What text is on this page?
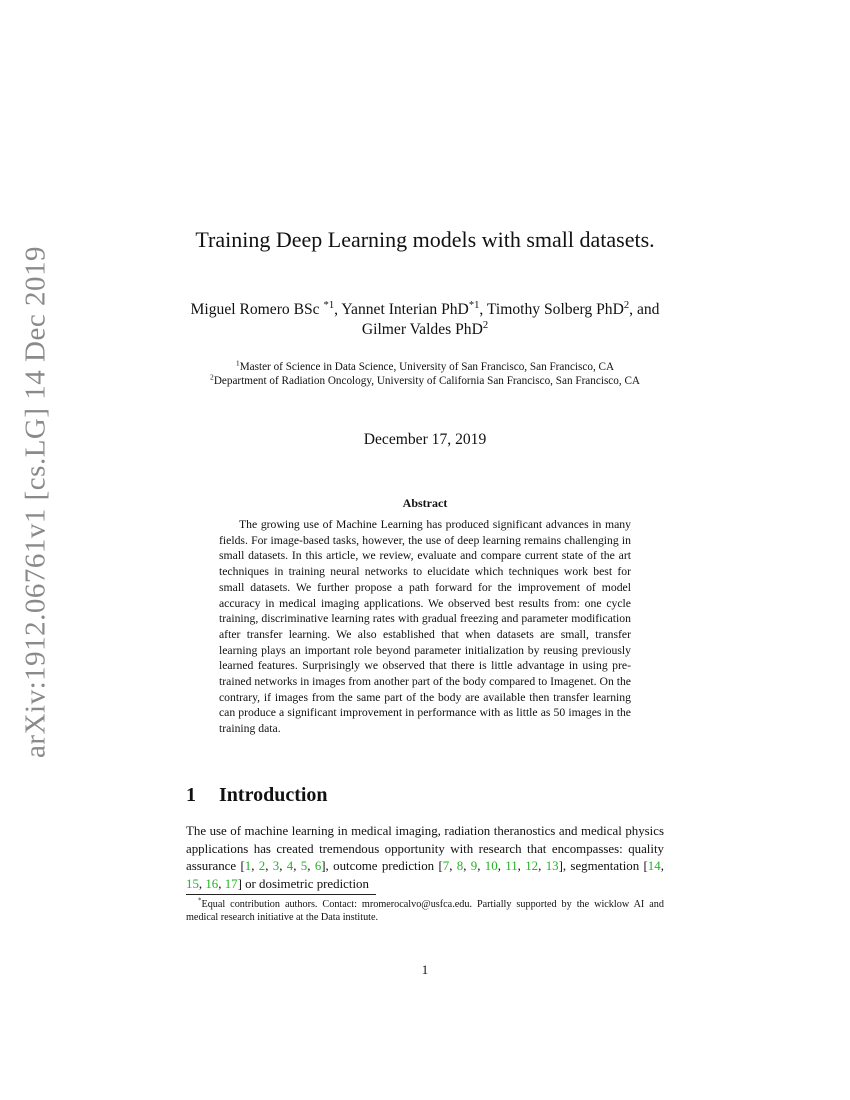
arXiv:1912.06761v1 [cs.LG] 14 Dec 2019
Training Deep Learning models with small datasets.
Miguel Romero BSc $^{*1}$, Yannet Interian PhD$^{*1}$, Timothy Solberg PhD$^2$, and Gilmer Valdes PhD$^2$
$^1$Master of Science in Data Science, University of San Francisco, San Francisco, CA
$^2$Department of Radiation Oncology, University of California San Francisco, San Francisco, CA
December 17, 2019
Abstract

The growing use of Machine Learning has produced significant advances in many fields. For image-based tasks, however, the use of deep learning remains challenging in small datasets. In this article, we review, evaluate and compare current state of the art techniques in training neural networks to elucidate which techniques work best for small datasets. We further propose a path forward for the improvement of model accuracy in medical imaging applications. We observed best results from: one cycle training, discriminative learning rates with gradual freezing and parameter modification after transfer learning. We also established that when datasets are small, transfer learning plays an important role beyond parameter initialization by reusing previously learned features. Surprisingly we observed that there is little advantage in using pre-trained networks in images from another part of the body compared to Imagenet. On the contrary, if images from the same part of the body are available then transfer learning can produce a significant improvement in performance with as little as 50 images in the training data.

1 Introduction

The use of machine learning in medical imaging, radiation theranostics and medical physics applications has created tremendous opportunity with research that encompasses: quality assurance [1, 2, 3, 4, 5, 6], outcome prediction [7, 8, 9, 10, 11, 12, 13], segmentation [14, 15, 16, 17] or dosimetric prediction

*Equal contribution authors. Contact: mromerocalvo@usfca.edu. Partially supported by the wicklow AI and medical research initiative at the Data institute.

1
